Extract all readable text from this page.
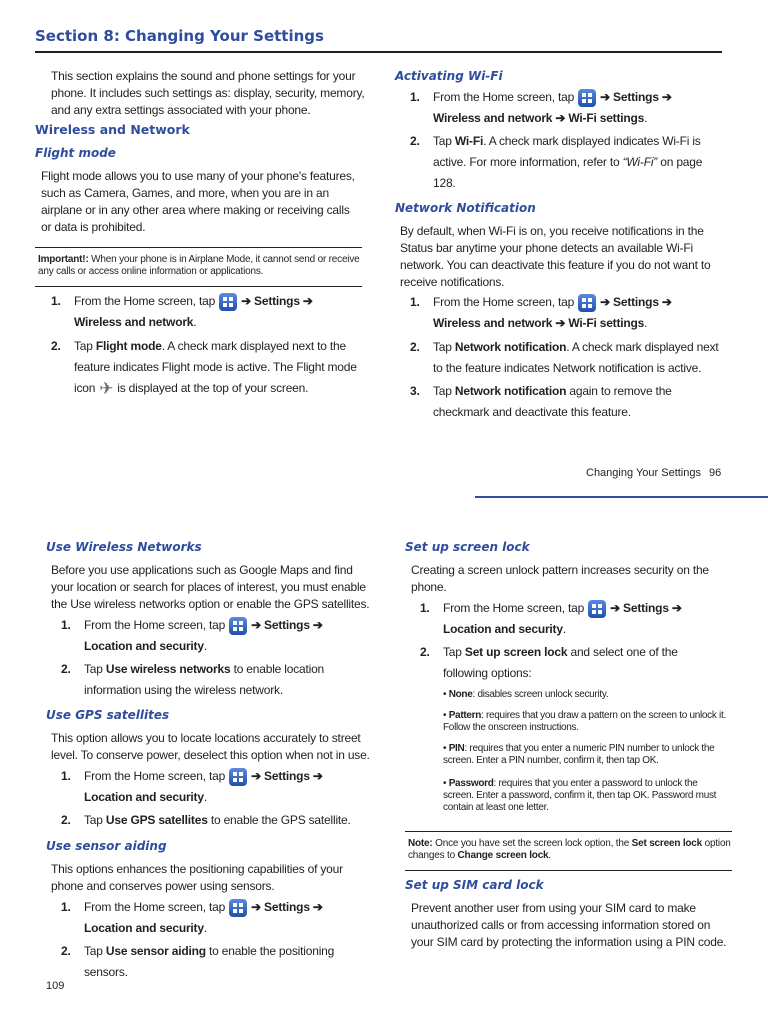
Section 8: Changing Your Settings
This section explains the sound and phone settings for your phone. It includes such settings as: display, security, memory, and any extra settings associated with your phone.
Wireless and Network
Flight mode
Flight mode allows you to use many of your phone's features, such as Camera, Games, and more, when you are in an airplane or in any other area where making or receiving calls or data is prohibited.
Important!: When your phone is in Airplane Mode, it cannot send or receive any calls or access online information or applications.
1. From the Home screen, tap ➔ Settings ➔ Wireless and network.
2. Tap Flight mode. A check mark displayed next to the feature indicates Flight mode is active. The Flight mode icon ✈ is displayed at the top of your screen.
Activating Wi-Fi
1. From the Home screen, tap ➔ Settings ➔ Wireless and network ➔ Wi-Fi settings.
2. Tap Wi-Fi. A check mark displayed indicates Wi-Fi is active. For more information, refer to “Wi-Fi” on page 128.
Network Notification
By default, when Wi-Fi is on, you receive notifications in the Status bar anytime your phone detects an available Wi-Fi network. You can deactivate this feature if you do not want to receive notifications.
1. From the Home screen, tap ➔ Settings ➔ Wireless and network ➔ Wi-Fi settings.
2. Tap Network notification. A check mark displayed next to the feature indicates Network notification is active.
3. Tap Network notification again to remove the checkmark and deactivate this feature.
Changing Your Settings 96
Use Wireless Networks
Before you use applications such as Google Maps and find your location or search for places of interest, you must enable the Use wireless networks option or enable the GPS satellites.
1. From the Home screen, tap ➔ Settings ➔ Location and security.
2. Tap Use wireless networks to enable location information using the wireless network.
Use GPS satellites
This option allows you to locate locations accurately to street level. To conserve power, deselect this option when not in use.
1. From the Home screen, tap ➔ Settings ➔ Location and security.
2. Tap Use GPS satellites to enable the GPS satellite.
Use sensor aiding
This options enhances the positioning capabilities of your phone and conserves power using sensors.
1. From the Home screen, tap ➔ Settings ➔ Location and security.
2. Tap Use sensor aiding to enable the positioning sensors.
109
Set up screen lock
Creating a screen unlock pattern increases security on the phone.
1. From the Home screen, tap ➔ Settings ➔ Location and security.
2. Tap Set up screen lock and select one of the following options:
• None: disables screen unlock security.
• Pattern: requires that you draw a pattern on the screen to unlock it. Follow the onscreen instructions.
• PIN: requires that you enter a numeric PIN number to unlock the screen. Enter a PIN number, confirm it, then tap OK.
• Password: requires that you enter a password to unlock the screen. Enter a password, confirm it, then tap OK. Password must contain at least one letter.
Note: Once you have set the screen lock option, the Set screen lock option changes to Change screen lock.
Set up SIM card lock
Prevent another user from using your SIM card to make unauthorized calls or from accessing information stored on your SIM card by protecting the information using a PIN code.
